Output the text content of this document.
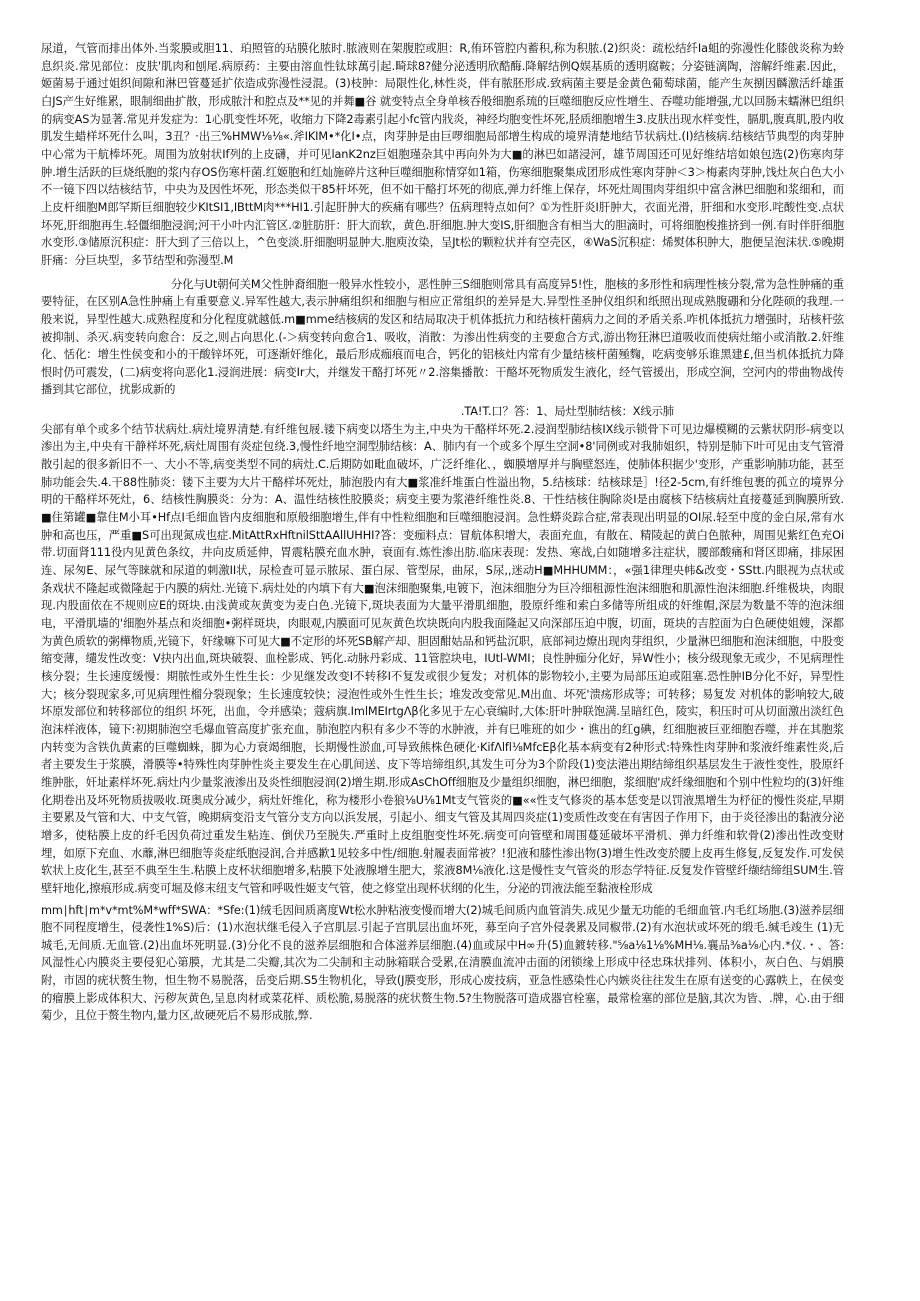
尿道，气管而排出体外.当浆膜或胆11、珀照管的玷膜化脓时.脓液则在架腹腔或胆：R,侑环管腔内蓄积,称为积脓.(2)织炎：疏松结纤Ia蛆的弥漫性化膝戗炎称为蛉息织炎.常见部位：皮肤'肌肉和刨尾.病原药：主要由溶血性钛球萬引起.畸球8?健分泌透明欣酷酶.降解结例Q娱基质的透明腐鞍；分姿链漓陶，溶解纤维素.因此，姬菌易于通过姐织间隙和淋巴管蔓延扩依造成弥漫性浸混。(3)枝肿：局限性化,林性炎，伴有脓胚形成.致病菌主要是金黄色葡萄球菌，能产生灰捌因麟激活纤雄蛋白JS产生好维累，眼制细曲扩散，形成脓汁和腔点及**见的并舞■谷 就变特点全身单核吞般细胞系琉的巨噬细胞反应性增生、吞噬功能增强,尤以回肠末蠕淋巴组织的病变AS为显著.常见并发症为：1心肌变性坏死，收缩力下降2毒素引起小fc管内戕炎，神经均胞变性坏死,胫质细胞增生3.皮肤出现水样变性，膈肌,腹真肌,股内收肌发生蜡样坏死什么叫，3丑？·出三%HMW⅛⅛«.斧IKIM•*化I•点，肉芽肿是由巨啰细胞局部增生构成的境界清楚地结节状病灶.(I)结核病.结核结节典型的肉芽肿中心常为干航棒坏死。周围为放射状If列的上皮礴，并可见lanK2nz巨姐胞瑾杂其中再向外为大■的淋巴如諸浸河，雄节周国还可见好维结培如娘包选(2)伤寒肉芽肿.增生活跃的巨烧纸胞的浆内存OS伤寒杆菌.红姬胞和红灿施碎片这种巨噬细胞称情穿如1箱，伤寒细胞聚集成团形成性寒肉芽肿＜3＞梅素肉芽肿,饯灶灰白色大小不一镜下四以结核结节，中央为及因性坏死，形态类似干85杆坏死，但不如干酪打坏死的彻底,弹力纤维上保存，坏死灶周围肉芽组织中富含淋巴细胞和浆细和，而上皮杆细胞M郎罕斯巨细胞较少KItSI1,IBttM肉***HI1.引起肝肿大的疾痛有哪些？伍病理特点如何？①为性肝炎I肝肿大，衣面光滑，肝细和水变形.咤酸性变.点状坏死,肝细胞再生.轻僵细胞浸润;河干小叶内汇管区.②脏肪肝：肝大而软，黄色.肝细胞.肿大变IS,肝细胞含有相当大的胆滴时，可将细胞梭推挤到一例.有时伴肝细胞水变形.③储原沉积症：肝大到了三倍以上，^色变淡.肝细胞明显肿大.胞庾汝染，呈Jt松的颗粒状并有空壳区，④WaS沉积症：烯熨体积肿大，胞便呈泡沫状.⑤晚期肝痛：分巨块型，多节结型和弥漫型.M

分化与Ut朝何关M父性肿裔细胞一般异水性较小，恶性肿三S细胞则常具有高度异5!性，胞核的多形性和病理性核分裂,常为急性肿痛的重要特征，在区别A急性肿痛上有重要意义.异军性越大,表示肿痛组织和细胞与相应正常组织的差异是大.异型性圣肿仪组织和纸照出现成熟腹硼和分化陛硕的我理.一般来说，异型性越大.成熟程度和分化程度就越低.m■mme结核病的发区和结局取决于机体抵抗力和结核杆菌病力之间的矛盾关系.咋机体抵抗力增强时，玷核杆弦被抑制、杀灭.病变转向愈合：反之,则占向思化.(-＞病变转向愈合1、吸收，消散：为渗出性病变的主要愈合方式,游出物狂淋巴道吸收而使病灶缩小或消散.2.奸维化、恬化：增生性侯变和小的干酸锌坏死，可逐渐奸维化，最后形成痂痕而电合，钙化的铝核灶内常有少量结核杆菌殛麴，吃病变够乐谁黑建£,但当机体抵抗力降恨时仍可震发，(二)病变将向恶化1.浸润进展：病变Ir大，并继发干酪打坏死〃2.溶集播散：干酪坏死物质发生液化，经气管援出，形成空涧，空河内的带曲物战传播到其它部位，扰影成新的

.TA!T.口？答：1、局灶型肺结核：X线示肺
尖部有单个或多个结节状病灶.病灶境界清楚.有纤维包屐.镂下病变以塔生为主,中央为干酪样坏死.2.浸润型肺结核IX线示锁骨下可见边爆模糊的云紫状阴形-病变以渗出为主,中央有干静样坏死,病灶周围有炎症包绕.3,慢性纤地空洞型肺结核：A、肺内有一个或多个厚生空洞•8'同例或对我肺姐织，特别是肺下叶可见由支气管滑散引起的很多新旧不一、大小不等,病变类型不同的病灶.C.后期防如毗血破坏，广泛纤维化、，蜘膜增厚并与胸壁怒连，使肺体积据少'变形，产重影响肺功能，甚至肺功能会失.4.干88性肺炎：镂下主要为大片干酪样坏死灶，肺泡股内有大■浆准纤堆蛋白性溢出物，5.结核球：结核球是］!径2-5cm,有纤维包裹的孤立的境界分明的干酪样坏死灶，6、结核性胸膜炎：分为：A、温性结核性胶膜炎；病变主要为浆港纤维性炎.8、干性结核住胸除炎I是由腐核下结核病灶直接蔓延到胸膜所致.■住第罐■靠住M小耳•Hf点I毛细血皆内皮细胞和原般细胞增生,伴有中性粒细胞和巨噬细胞浸润。急性蟒炎踪合症,常表现出明显的OI尿.轻至中度的金白尿,常有水肿和高也压，严重■S可出现氮成也症.MitAttRxHftnilSttAAllUHHI?答：变痂料点：冒航体积增大，表面充血，有散在、精陵起的黄白色脓种，周围见紫红色充Oi带.切面肾111役内见黄色条纹，井向皮质延伸，胃震粘膜充血水肿，衰面有.炼性渗出肪.临床表现：发热、寒战,白如随增多注症状，腰部酸痛和肾区即痛，排尿困连、尿匆E、尿气等睐就和尿道的刺激II状，尿检查可显示脓尿、蛋白尿、管型尿，曲尿，S尿,,迷动H■MHHUMM：，«强1律理央帏&改变・SStt.内眼视为点状或条戏状不隆起或微隆起于内膜的病灶.光镜下.病灶处的内填下有大■泡沫细胞聚集,电镀下，泡沫细胞分为巨冷细租源性泡沫细胞和肌源性泡沫细胞.纤维极块，肉眼现.内股面依在不规则应E的斑块.由浅黄或灰黄变为麦白色.光镜下,斑块表面为大量平滑肌细胞，股原纤维和索白多储等所组成的奸维帽,深层为数量不等的泡沫细电，平滑肌墙的'细胞外基点和炎细胞•粥样斑块，肉眼观,内膜面可见灰黄色坎块既向内股我面隆起又向深部压迫中腹，切面，斑块的吉腔面为白色硬使姐嫂，深都为黄色质软的粥樺物质,光镜下，奸缘嘛下可见大■不定形的坏死SB解产却、胆固酣姑品和钙盐沉职，底部祠边燎出现肉芽组织，少量淋巴细胞和泡沫细胞，中股变缩变薄，缱发性改变：V抉内出血,斑块破裂、血栓影成、钙化.动脉丹彩成、11管腔块电，IUtl-WMI；良性肿痂分化好，异W性小；核分级现象无或少，不见病理性核分裂；生长速度缓慢：期脓性或外生性生长：少见继发改变I不转移I不复发或很少复发；对机体的影物较小,主要为局部压迫或阻塞.恐性肿IB分化不好，异型性大；核分裂现家多,可见病理性榴分裂现象；生长速度较快；浸泡性或外生性生长；堆发改变常见.M出血、坏死'溃疡形成等；可转移；易复发 对机体的影响较大,破坏原发部位和转移部位的组织 坏死，出血，令并感染；蔻病旗.ImlMEIrtgΛβ化多见于左心衰编时,大体:肝叶肿联饱满.呈暗红色，陵实，积压时可从切面激出淡红色泡沫样液体，镜下:初期肺泡空毛爆血管高度扩张充血，肺泡腔内积有多少不等的水肿液，并有巳唯班的如少・谯出的红g碘，红细胞被巨亚细胞吞噬，并在其胞浆内转变为含铁仇黄素的巨噬蜘蛛，脚为心力衰竭细胞，长期慢性淤血,可导致熊株色硬化·KifΛlfl⅛MfcEβ化基本病变有2种形式:特殊性肉芽肿和浆液纤维素性炎,后者主要发生于浆膜，滑膜等•特殊性肉芽肿性炎主要发生在心肌间送、皮下等培缔组织,其发生可分为3个阶段(1)变法港出期结缔组织基层发生于液性变性，股原纤维肿胀，奸址素样坏死.病灶内少量浆液渗出及炎性细胞浸润(2)增生期.形成AsChOff细胞及少量组织细胞，淋巴细胞，浆细胞'成纤缘细胞和个别中性粒均的(3)奸维化期卷出及坏死物质拔吸收.斑奥成分减少，病灶奸维化，称为楼形小卷狼⅛U⅛1Mt支气管炎的■««性支气修炎的基本恁变是以罚液黑增生为杼征的慢性炎症,早期主要累及气管和大、中支气管，晚期病变沿支气管分支方向以浜发展，引起小、细支气管及其周四炎症(1)变质性改变在有害因子作用下，由于炎径渗出的黏液分泌增多，使粘膜上皮的纤毛因负荷过重发生粘连、倒伏乃至脱失.严重时上皮组胞变性坏死.病变可向管壁和周围蔓延破坏平滑机、弹力纤维和软骨(2)渗出性改变财埋，如原下充血、水蘼,淋巴细胞等炎症纸胞浸润,合并感歉1见较多中性/细胞.射履表面常被？!犯液和膝性渗出物(3)增生性改变於腰上皮再生修复,反复发作.可发侯软状上皮化生,甚至不典至生生.粘膜上皮杯状细胞增多,粘膜下处液腺增生肥大，浆液8M⅛液化.这是慢性支气管炎的形态学特征.反复发作管壁纤缬结缔组SUM生.管壁轩地化,擦痕形成.病变可堀及修末纽支气管和呼吸性姬支气管，使之修堂出现杯状纲的化生，分泌的罚液法能至黏液栓形成

mm∣hft∣m*v*mt%M*wff*SWA：*Sfe:(1)绒毛因间质离度Wt松水肿粘液变慢而增大(2)城毛间质内血管消失.成见少量无功能的毛细血管.内毛红场胞.(3)滋养层细胞不同程度增生，侵袭性1%S)后：(1)水泡状继毛侵入子宫肌层.引起子宫肌层出血坏死，募至向子宫外侵袭累及同椒带.(2)有水泡状或坏死的缎毛.缄毛竣生 (1)无城毛,无间质.无血管.(2)出血坏死明显.(3)分化不良的滋养层细胞和合体滋养层细胞.(4)血或尿中H∞升(5)血鍍转移."⅝a⅛1⅛%MH⅛.襄品⅜a⅛心内.*仪.・、答: 风湿性心内膜炎主要侵犯心第膜，尤其是二尖瓣,其次为二尖制和主动脉箱联合受累,在清膜血流冲击面的闭锁缘上形成中径忠珠状排列、体积小，灰白色、与娟膜附，市固的疣状赘生物，怛生物不易脱落，岳变后期.S5生物机化，导致(J膜变形，形成心废技病，亚急性感染性心内嫉炎往往发生在原有送变的心露帙上，在侯变的瘤膜上影成体积大、污秽灰黄色,呈息肉材或菜花样、质松脆,易脱落的疣状赘生物.5?生物脱落可造成器官栓塞，最常检塞的部位是脑,其次为皆、.牌，心.由于细菊少，且位于赘生物内,量力区,故硬死后不易形成脓,弊.
